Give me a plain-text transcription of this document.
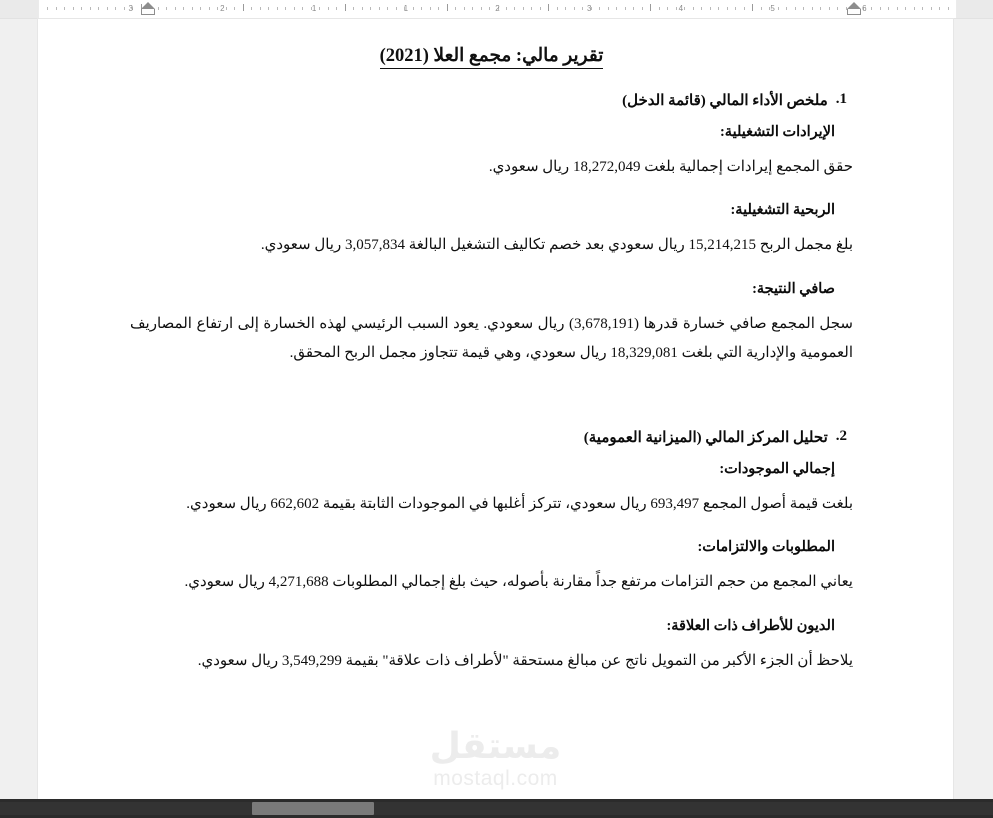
3	2	1	1	2	3	4	5	6
تقرير مالي: مجمع العلا (2021)
1.
ملخص الأداء المالي (قائمة الدخل)
الإيرادات التشغيلية:

حقق المجمع إيرادات إجمالية بلغت 18,272,049 ريال سعودي.

الربحية التشغيلية:

بلغ مجمل الربح 15,214,215 ريال سعودي بعد خصم تكاليف التشغيل البالغة 3,057,834 ريال سعودي.

صافي النتيجة:

سجل المجمع صافي خسارة قدرها (3,678,191) ريال سعودي. يعود السبب الرئيسي لهذه الخسارة إلى ارتفاع المصاريف العمومية والإدارية التي بلغت 18,329,081 ريال سعودي، وهي قيمة تتجاوز مجمل الربح المحقق.

2.
تحليل المركز المالي (الميزانية العمومية)
إجمالي الموجودات:

بلغت قيمة أصول المجمع 693,497 ريال سعودي، تتركز أغلبها في الموجودات الثابتة بقيمة 662,602 ريال سعودي.

المطلوبات والالتزامات:

يعاني المجمع من حجم التزامات مرتفع جداً مقارنة بأصوله، حيث بلغ إجمالي المطلوبات 4,271,688 ريال سعودي.

الديون للأطراف ذات العلاقة:

يلاحظ أن الجزء الأكبر من التمويل ناتج عن مبالغ مستحقة "لأطراف ذات علاقة" بقيمة 3,549,299 ريال سعودي.

مستقل
mostaql.com
